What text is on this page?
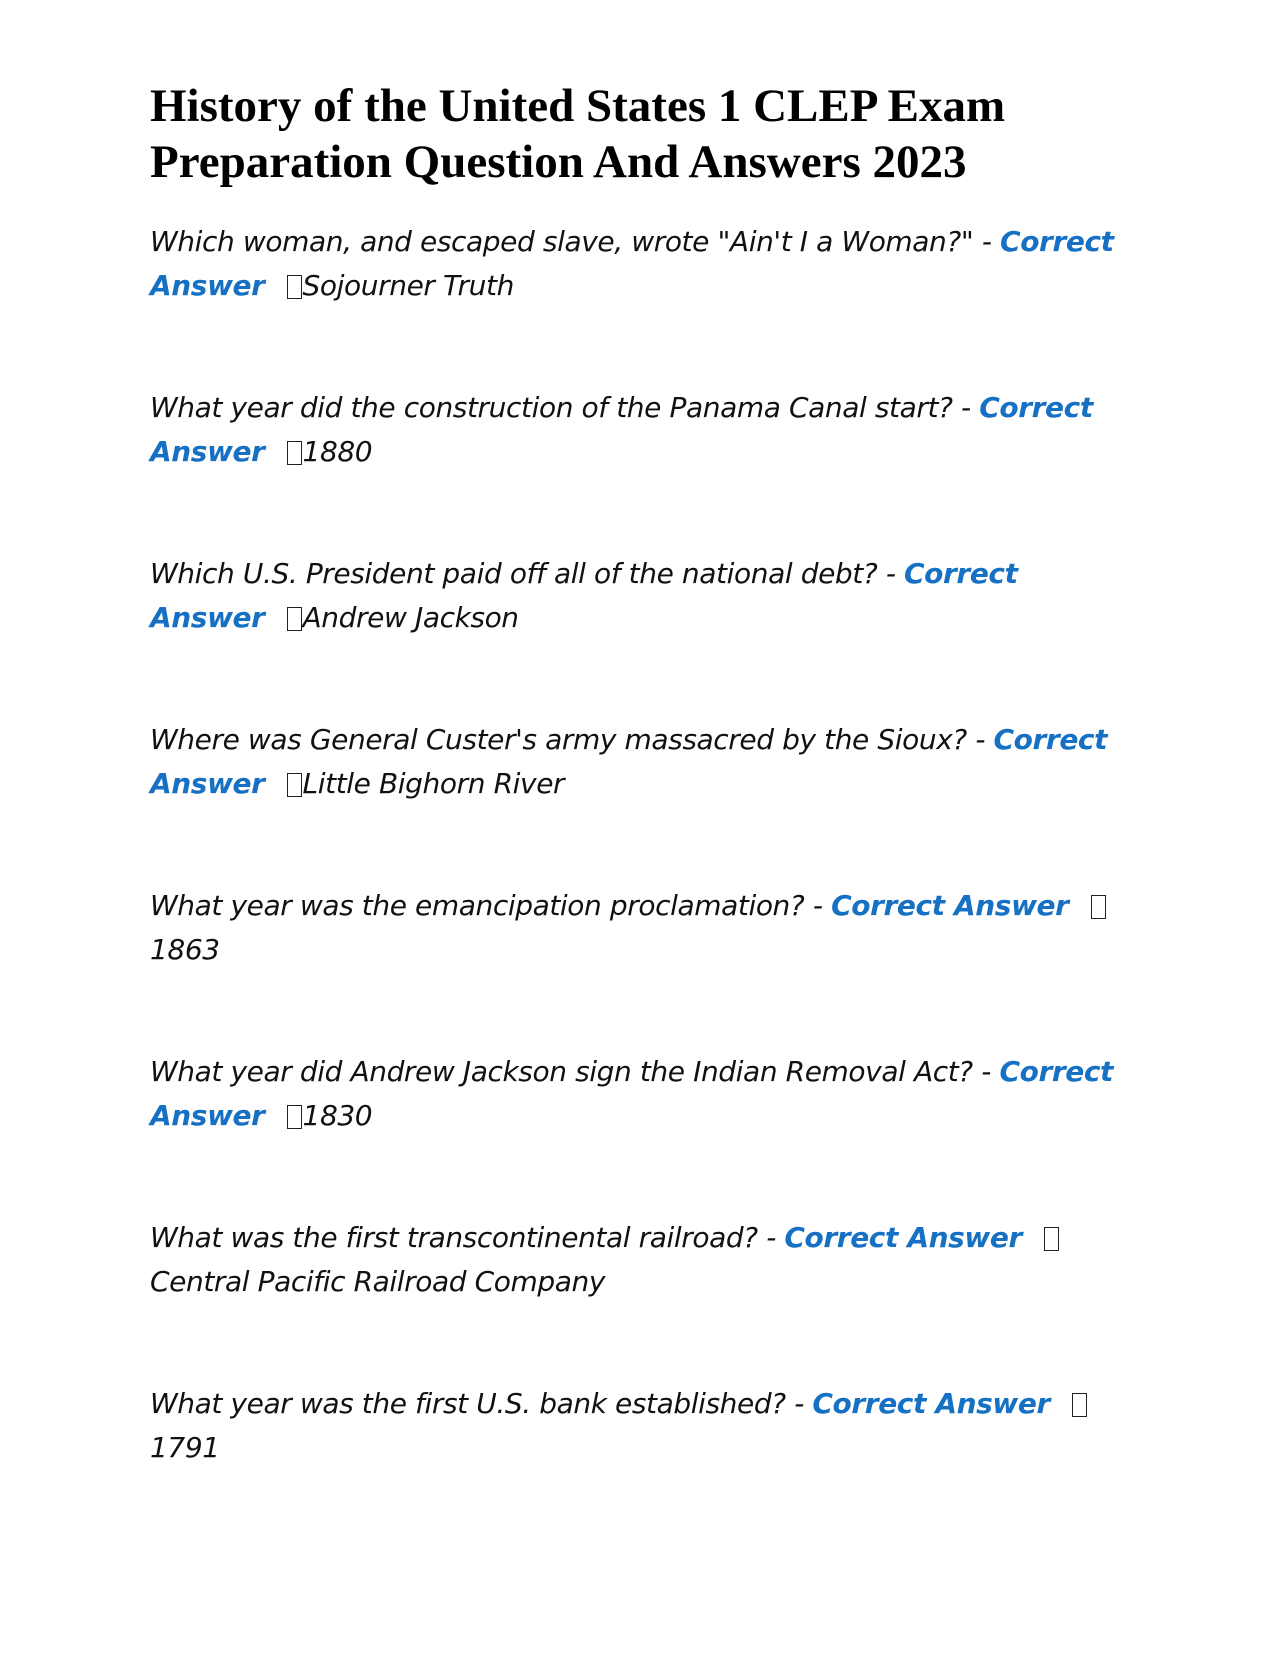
History of the United States 1 CLEP Exam Preparation Question And Answers 2023

Which woman, and escaped slave, wrote "Ain't I a Woman?" - Correct Answer Sojourner Truth

What year did the construction of the Panama Canal start? - Correct Answer 1880

Which U.S. President paid off all of the national debt? - Correct Answer Andrew Jackson

Where was General Custer's army massacred by the Sioux? - Correct Answer Little Bighorn River

What year was the emancipation proclamation? - Correct Answer1863

What year did Andrew Jackson sign the Indian Removal Act? - Correct Answer 1830

What was the first transcontinental railroad? - Correct AnswerCentral Pacific Railroad Company

What year was the first U.S. bank established? - Correct Answer1791
